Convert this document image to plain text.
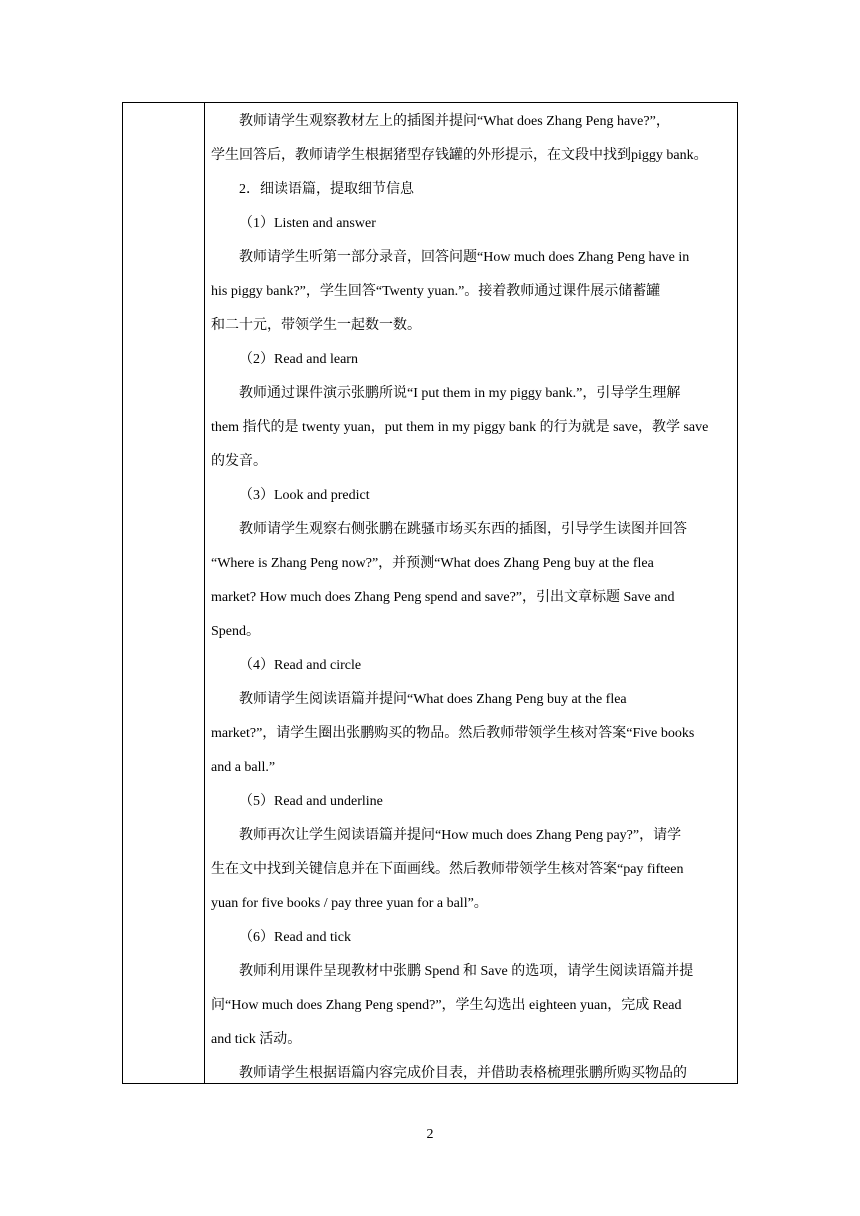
教师请学生观察教材左上的插图并提问“What does Zhang Peng have?”，
学生回答后，教师请学生根据猪型存钱罐的外形提示，在文段中找到piggy bank。
2．细读语篇，提取细节信息
（1）Listen and answer
教师请学生听第一部分录音，回答问题“How much does Zhang Peng have in
his piggy bank?”，学生回答“Twenty yuan.”。接着教师通过课件展示储蓄罐
和二十元，带领学生一起数一数。
（2）Read and learn
教师通过课件演示张鹏所说“I put them in my piggy bank.”，引导学生理解
them 指代的是 twenty yuan，put them in my piggy bank 的行为就是 save，教学 save
的发音。
（3）Look and predict
教师请学生观察右侧张鹏在跳骚市场买东西的插图，引导学生读图并回答
“Where is Zhang Peng now?”，并预测“What does Zhang Peng buy at the flea
market? How much does Zhang Peng spend and save?”，引出文章标题 Save and
Spend。
（4）Read and circle
教师请学生阅读语篇并提问“What does Zhang Peng buy at the flea
market?”，请学生圈出张鹏购买的物品。然后教师带领学生核对答案“Five books
and a ball.”
（5）Read and underline
教师再次让学生阅读语篇并提问“How much does Zhang Peng pay?”，请学
生在文中找到关键信息并在下面画线。然后教师带领学生核对答案“pay fifteen
yuan for five books / pay three yuan for a ball”。
（6）Read and tick
教师利用课件呈现教材中张鹏 Spend 和 Save 的选项，请学生阅读语篇并提
问“How much does Zhang Peng spend?”，学生勾选出 eighteen yuan，完成 Read
and tick 活动。
教师请学生根据语篇内容完成价目表，并借助表格梳理张鹏所购买物品的
2
